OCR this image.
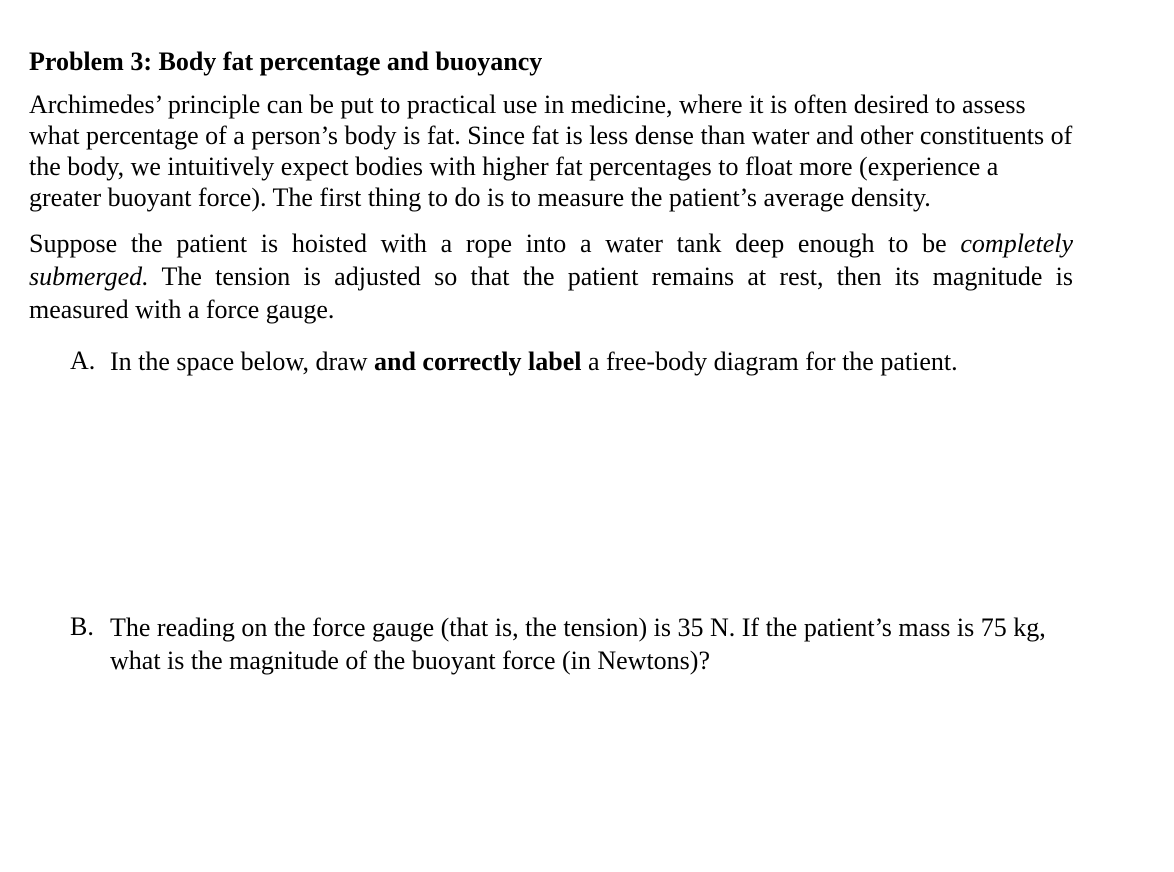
Problem 3: Body fat percentage and buoyancy

Archimedes’ principle can be put to practical use in medicine, where it is often desired to assess what percentage of a person’s body is fat. Since fat is less dense than water and other constituents of the body, we intuitively expect bodies with higher fat percentages to float more (experience a greater buoyant force). The first thing to do is to measure the patient’s average density.

Suppose the patient is hoisted with a rope into a water tank deep enough to be completely submerged. The tension is adjusted so that the patient remains at rest, then its magnitude is measured with a force gauge.

A. In the space below, draw and correctly label a free-body diagram for the patient.
B. The reading on the force gauge (that is, the tension) is 35 N. If the patient’s mass is 75 kg, what is the magnitude of the buoyant force (in Newtons)?
